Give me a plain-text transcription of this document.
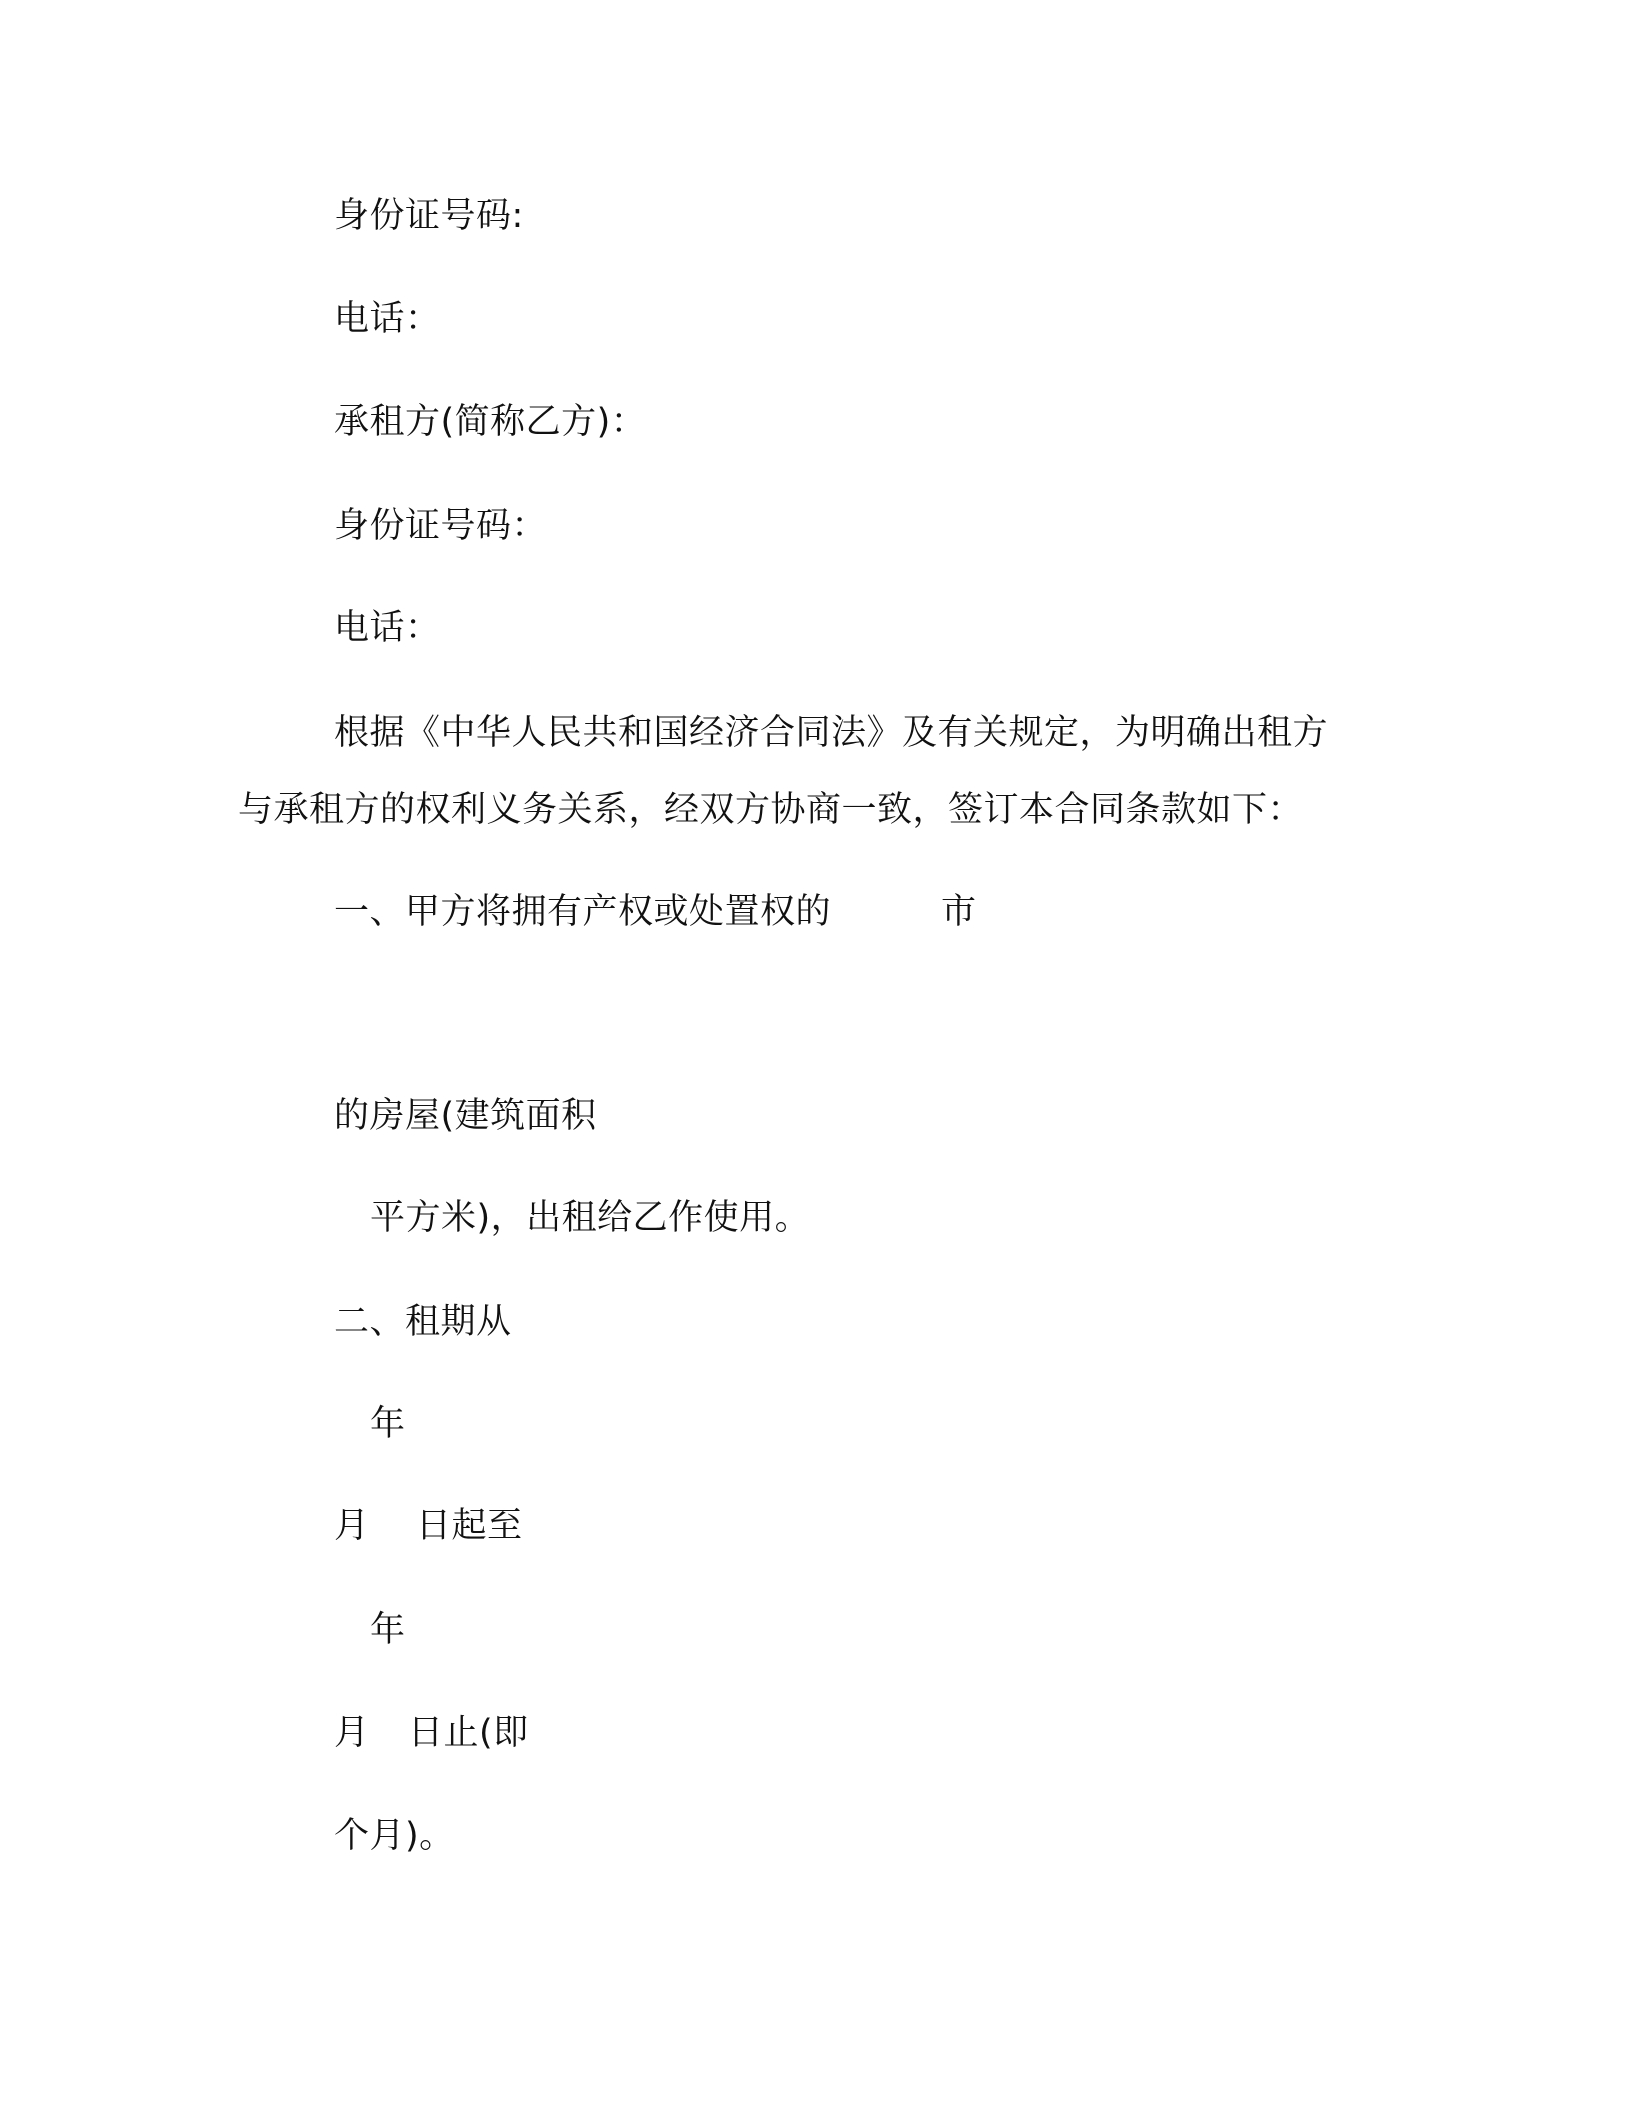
身份证号码:
电话：
承租方(简称乙方)：
身份证号码：
电话：
根据《中华人民共和国经济合同法》及有关规定，为明确出租方
与承租方的权利义务关系，经双方协商一致，签订本合同条款如下：
一、甲方将拥有产权或处置权的	市
的房屋(建筑面积
平方米)，出租给乙作使用。
二、租期从
年
月 日起至
年
月 日止(即
个月)。
